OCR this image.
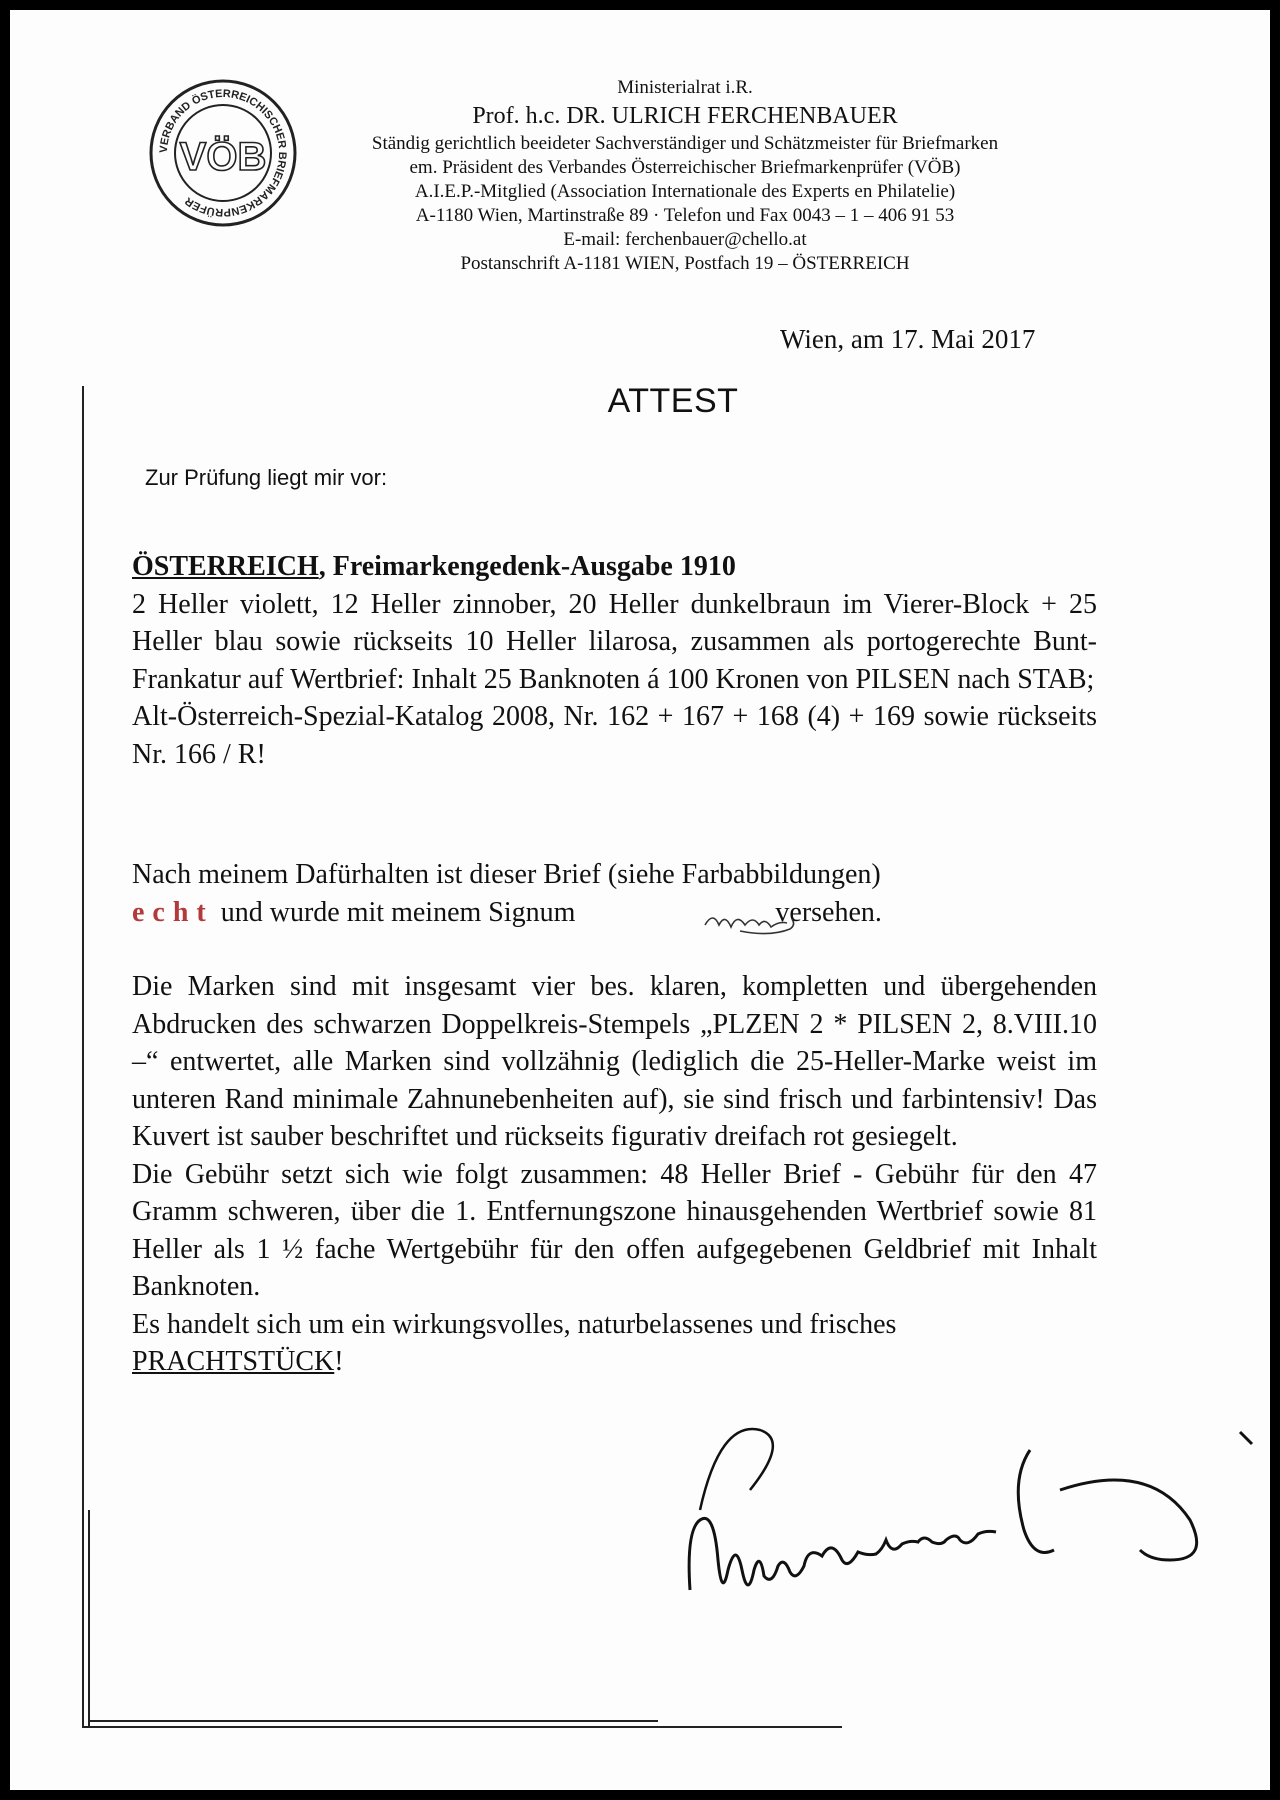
VERBAND ÖSTERREICHISCHER BRIEFMARKENPRÜFER
VÖB
Ministerialrat i.R.
Prof. h.c. DR. ULRICH FERCHENBAUER
Ständig gerichtlich beeideter Sachverständiger und Schätzmeister für Briefmarken
em. Präsident des Verbandes Österreichischer Briefmarkenprüfer (VÖB)
A.I.E.P.-Mitglied (Association Internationale des Experts en Philatelie)
A-1180 Wien, Martinstraße 89 · Telefon und Fax 0043 – 1 – 406 91 53
E-mail: ferchenbauer@chello.at
Postanschrift A-1181 WIEN, Postfach 19 – ÖSTERREICH
Wien, am 17. Mai 2017
ATTEST
Zur Prüfung liegt mir vor:
ÖSTERREICH, Freimarkengedenk-Ausgabe 1910
2 Heller violett, 12 Heller zinnober, 20 Heller dunkelbraun im Vierer-Block + 25 Heller blau sowie rückseits 10 Heller lilarosa, zusammen als portogerechte Bunt-Frankatur auf Wertbrief: Inhalt 25 Banknoten á 100 Kronen von PILSEN nach STAB;
Alt-Österreich-Spezial-Katalog 2008, Nr. 162 + 167 + 168 (4) + 169 sowie rückseits Nr. 166 / R!
Nach meinem Dafürhalten ist dieser Brief (siehe Farbabbildungen)
echt und wurde mit meinem Signum	versehen.
Die Marken sind mit insgesamt vier bes. klaren, kompletten und übergehenden Abdrucken des schwarzen Doppelkreis-Stempels „PLZEN 2 * PILSEN 2, 8.VIII.10 –“ entwertet, alle Marken sind vollzähnig (lediglich die 25-Heller-Marke weist im unteren Rand minimale Zahnunebenheiten auf), sie sind frisch und farbintensiv! Das Kuvert ist sauber beschriftet und rückseits figurativ dreifach rot gesiegelt.
Die Gebühr setzt sich wie folgt zusammen: 48 Heller Brief - Gebühr für den 47 Gramm schweren, über die 1. Entfernungszone hinausgehenden Wertbrief sowie 81 Heller als 1 ½ fache Wertgebühr für den offen aufgegebenen Geldbrief mit Inhalt Banknoten.
Es handelt sich um ein wirkungsvolles, naturbelassenes und frisches
PRACHTSTÜCK!
